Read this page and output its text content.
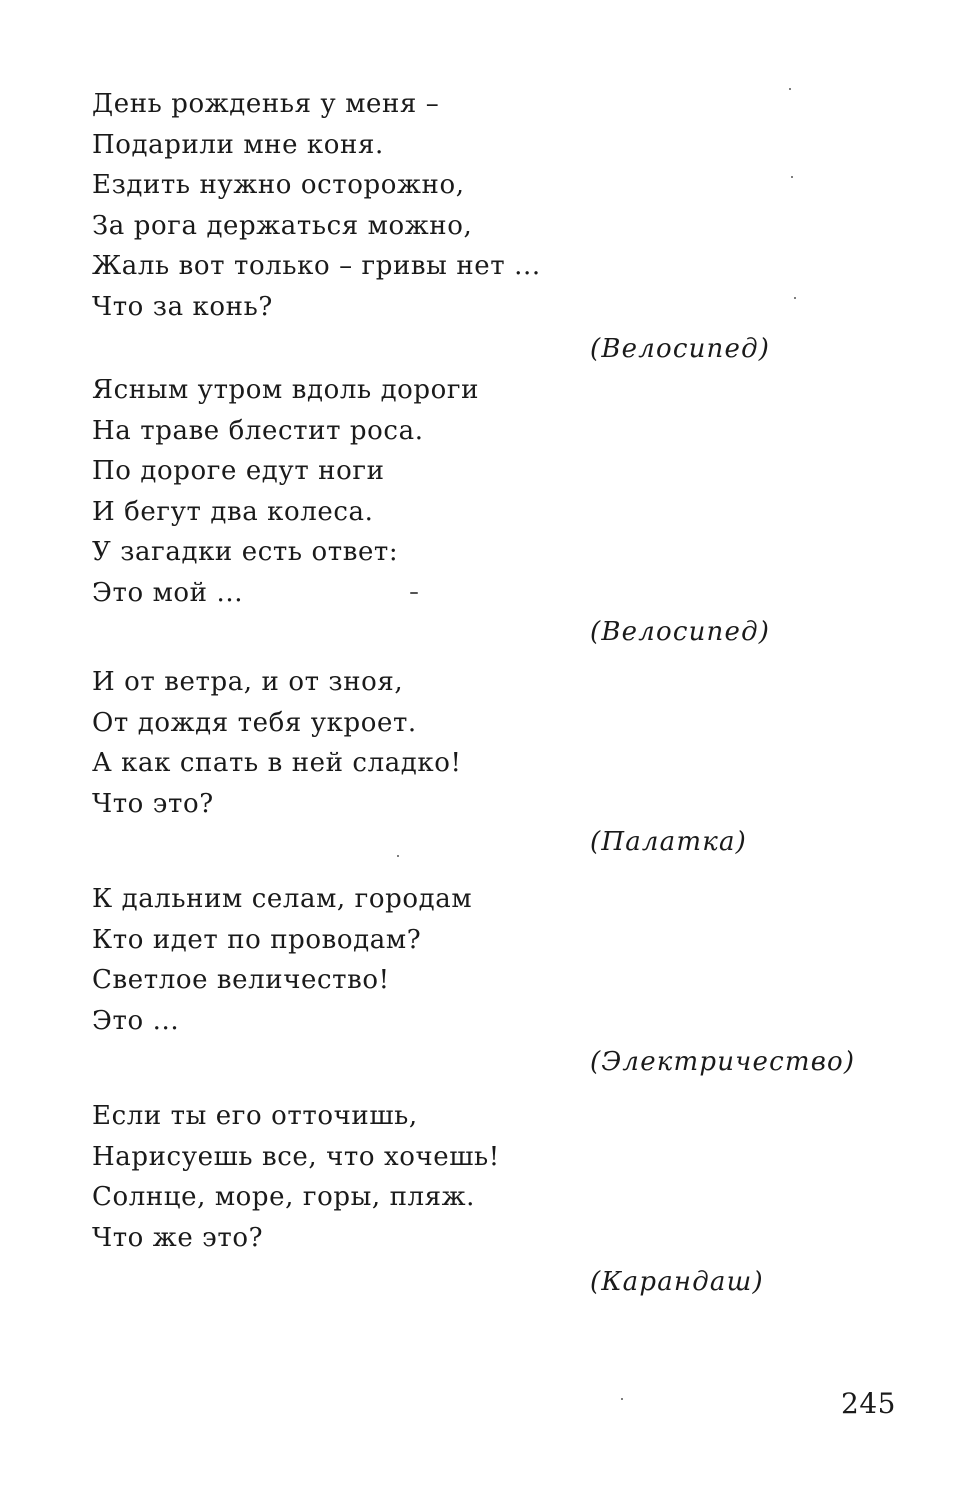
День рожденья у меня –
Подарили мне коня.
Ездить нужно осторожно,
За рога держаться можно,
Жаль вот только – гривы нет ...
Что за конь?
(Велосипед)
Ясным утром вдоль дороги
На траве блестит роса.
По дороге едут ноги
И бегут два колеса.
У загадки есть ответ:
Это мой ...
(Велосипед)
И от ветра, и от зноя,
От дождя тебя укроет.
А как спать в ней сладко!
Что это?
(Палатка)
К дальним селам, городам
Кто идет по проводам?
Светлое величество!
Это ...
(Электричество)
Если ты его отточишь,
Нарисуешь все, что хочешь!
Солнце, море, горы, пляж.
Что же это?
(Карандаш)
245
